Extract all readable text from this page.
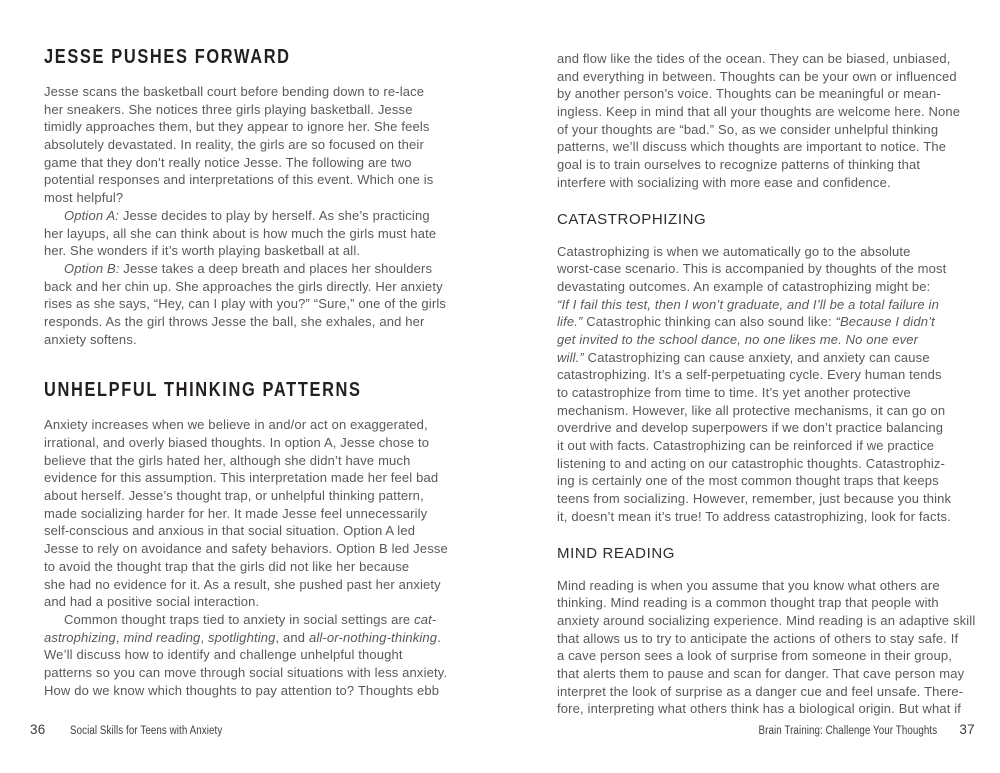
JESSE PUSHES FORWARD
Jesse scans the basketball court before bending down to re-lace
her sneakers. She notices three girls playing basketball. Jesse
timidly approaches them, but they appear to ignore her. She feels
absolutely devastated. In reality, the girls are so focused on their
game that they don’t really notice Jesse. The following are two
potential responses and interpretations of this event. Which one is
most helpful?
Option A: Jesse decides to play by herself. As she’s practicing
her layups, all she can think about is how much the girls must hate
her. She wonders if it’s worth playing basketball at all.
Option B: Jesse takes a deep breath and places her shoulders
back and her chin up. She approaches the girls directly. Her anxiety
rises as she says, “Hey, can I play with you?” “Sure,” one of the girls
responds. As the girl throws Jesse the ball, she exhales, and her
anxiety softens.
UNHELPFUL THINKING PATTERNS
Anxiety increases when we believe in and/or act on exaggerated,
irrational, and overly biased thoughts. In option A, Jesse chose to
believe that the girls hated her, although she didn’t have much
evidence for this assumption. This interpretation made her feel bad
about herself. Jesse’s thought trap, or unhelpful thinking pattern,
made socializing harder for her. It made Jesse feel unnecessarily
self-conscious and anxious in that social situation. Option A led
Jesse to rely on avoidance and safety behaviors. Option B led Jesse
to avoid the thought trap that the girls did not like her because
she had no evidence for it. As a result, she pushed past her anxiety
and had a positive social interaction.
Common thought traps tied to anxiety in social settings are cat-
astrophizing, mind reading, spotlighting, and all-or-nothing-thinking.
We’ll discuss how to identify and challenge unhelpful thought
patterns so you can move through social situations with less anxiety.
How do we know which thoughts to pay attention to? Thoughts ebb
and flow like the tides of the ocean. They can be biased, unbiased,
and everything in between. Thoughts can be your own or influenced
by another person’s voice. Thoughts can be meaningful or mean-
ingless. Keep in mind that all your thoughts are welcome here. None
of your thoughts are “bad.” So, as we consider unhelpful thinking
patterns, we’ll discuss which thoughts are important to notice. The
goal is to train ourselves to recognize patterns of thinking that
interfere with socializing with more ease and confidence.
CATASTROPHIZING
Catastrophizing is when we automatically go to the absolute
worst-case scenario. This is accompanied by thoughts of the most
devastating outcomes. An example of catastrophizing might be:
“If I fail this test, then I won’t graduate, and I’ll be a total failure in
life.” Catastrophic thinking can also sound like: “Because I didn’t
get invited to the school dance, no one likes me. No one ever
will.” Catastrophizing can cause anxiety, and anxiety can cause
catastrophizing. It’s a self-perpetuating cycle. Every human tends
to catastrophize from time to time. It’s yet another protective
mechanism. However, like all protective mechanisms, it can go on
overdrive and develop superpowers if we don’t practice balancing
it out with facts. Catastrophizing can be reinforced if we practice
listening to and acting on our catastrophic thoughts. Catastrophiz-
ing is certainly one of the most common thought traps that keeps
teens from socializing. However, remember, just because you think
it, doesn’t mean it’s true! To address catastrophizing, look for facts.
MIND READING
Mind reading is when you assume that you know what others are
thinking. Mind reading is a common thought trap that people with
anxiety around socializing experience. Mind reading is an adaptive skill
that allows us to try to anticipate the actions of others to stay safe. If
a cave person sees a look of surprise from someone in their group,
that alerts them to pause and scan for danger. That cave person may
interpret the look of surprise as a danger cue and feel unsafe. There-
fore, interpreting what others think has a biological origin. But what if
36 Social Skills for Teens with Anxiety	Brain Training: Challenge Your Thoughts 37
